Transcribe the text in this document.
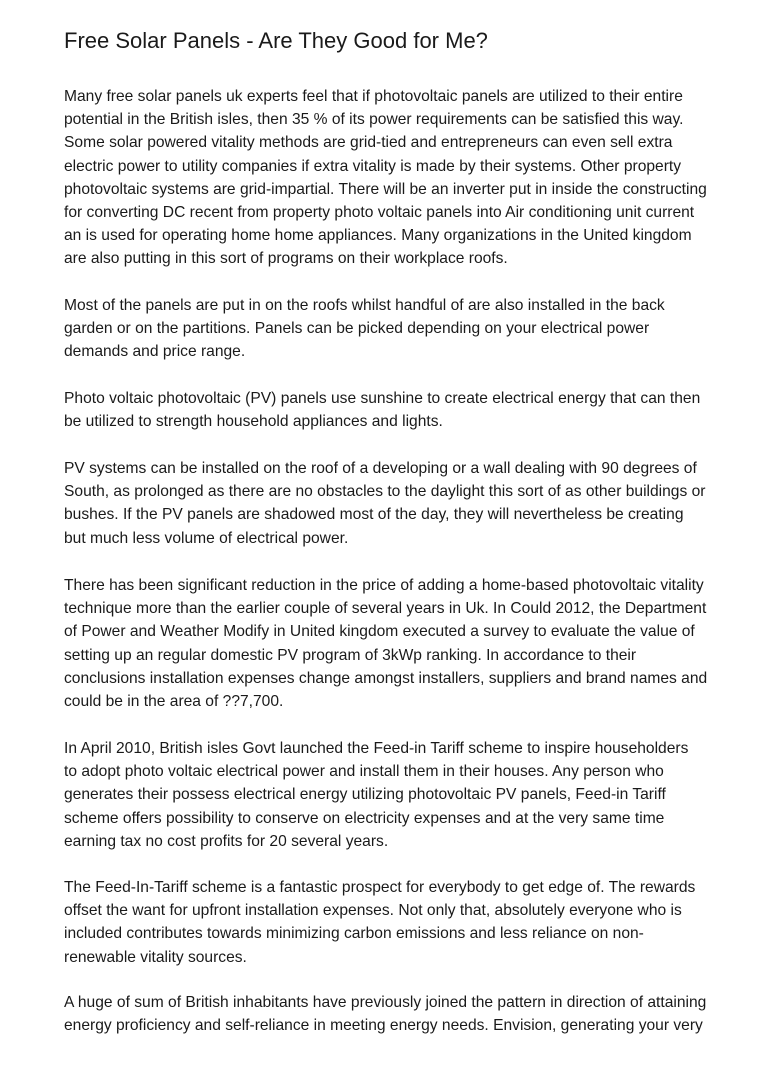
Free Solar Panels - Are They Good for Me?

Many free solar panels uk experts feel that if photovoltaic panels are utilized to their entire
potential in the British isles, then 35 % of its power requirements can be satisfied this way.
Some solar powered vitality methods are grid-tied and entrepreneurs can even sell extra
electric power to utility companies if extra vitality is made by their systems. Other property
photovoltaic systems are grid-impartial. There will be an inverter put in inside the constructing
for converting DC recent from property photo voltaic panels into Air conditioning unit current
an is used for operating home home appliances. Many organizations in the United kingdom
are also putting in this sort of programs on their workplace roofs.

Most of the panels are put in on the roofs whilst handful of are also installed in the back
garden or on the partitions. Panels can be picked depending on your electrical power
demands and price range.

Photo voltaic photovoltaic (PV) panels use sunshine to create electrical energy that can then
be utilized to strength household appliances and lights.

PV systems can be installed on the roof of a developing or a wall dealing with 90 degrees of
South, as prolonged as there are no obstacles to the daylight this sort of as other buildings or
bushes. If the PV panels are shadowed most of the day, they will nevertheless be creating
but much less volume of electrical power.

There has been significant reduction in the price of adding a home-based photovoltaic vitality
technique more than the earlier couple of several years in Uk. In Could 2012, the Department
of Power and Weather Modify in United kingdom executed a survey to evaluate the value of
setting up an regular domestic PV program of 3kWp ranking. In accordance to their
conclusions installation expenses change amongst installers, suppliers and brand names and
could be in the area of ??7,700.

In April 2010, British isles Govt launched the Feed-in Tariff scheme to inspire householders
to adopt photo voltaic electrical power and install them in their houses. Any person who
generates their possess electrical energy utilizing photovoltaic PV panels, Feed-in Tariff
scheme offers possibility to conserve on electricity expenses and at the very same time
earning tax no cost profits for 20 several years.

The Feed-In-Tariff scheme is a fantastic prospect for everybody to get edge of. The rewards
offset the want for upfront installation expenses. Not only that, absolutely everyone who is
included contributes towards minimizing carbon emissions and less reliance on non-
renewable vitality sources.

A huge of sum of British inhabitants have previously joined the pattern in direction of attaining
energy proficiency and self-reliance in meeting energy needs. Envision, generating your very
